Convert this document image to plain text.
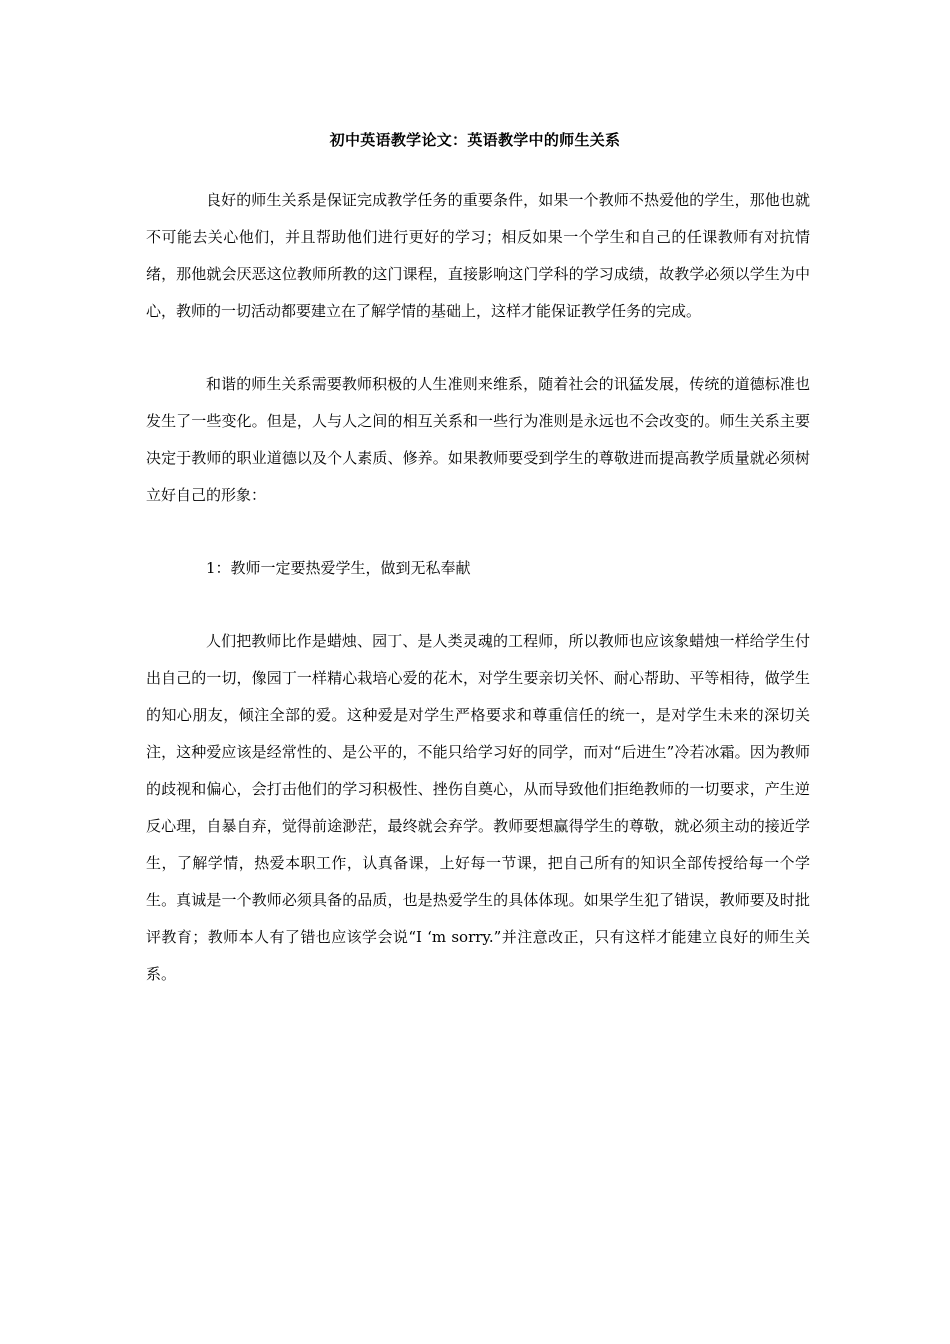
初中英语教学论文：英语教学中的师生关系

良好的师生关系是保证完成教学任务的重要条件，如果一个教师不热爱他的学生，那他也就不可能去关心他们，并且帮助他们进行更好的学习；相反如果一个学生和自己的任课教师有对抗情绪，那他就会厌恶这位教师所教的这门课程，直接影响这门学科的学习成绩，故教学必须以学生为中心，教师的一切活动都要建立在了解学情的基础上，这样才能保证教学任务的完成。

和谐的师生关系需要教师积极的人生准则来维系，随着社会的讯猛发展，传统的道德标准也发生了一些变化。但是，人与人之间的相互关系和一些行为准则是永远也不会改变的。师生关系主要决定于教师的职业道德以及个人素质、修养。如果教师要受到学生的尊敬进而提高教学质量就必须树立好自己的形象：

1：教师一定要热爱学生，做到无私奉献

人们把教师比作是蜡烛、园丁、是人类灵魂的工程师，所以教师也应该象蜡烛一样给学生付出自己的一切，像园丁一样精心栽培心爱的花木，对学生要亲切关怀、耐心帮助、平等相待，做学生的知心朋友，倾注全部的爱。这种爱是对学生严格要求和尊重信任的统一，是对学生未来的深切关注，这种爱应该是经常性的、是公平的，不能只给学习好的同学，而对“后进生”冷若冰霜。因为教师的歧视和偏心，会打击他们的学习积极性、挫伤自奠心，从而导致他们拒绝教师的一切要求，产生逆反心理，自暴自弃，觉得前途渺茫，最终就会弃学。教师要想赢得学生的尊敬，就必须主动的接近学生，了解学情，热爱本职工作，认真备课，上好每一节课，把自己所有的知识全部传授给每一个学生。真诚是一个教师必须具备的品质，也是热爱学生的具体体现。如果学生犯了错误，教师要及时批评教育；教师本人有了错也应该学会说“I ‘m sorry.”并注意改正，只有这样才能建立良好的师生关系。
